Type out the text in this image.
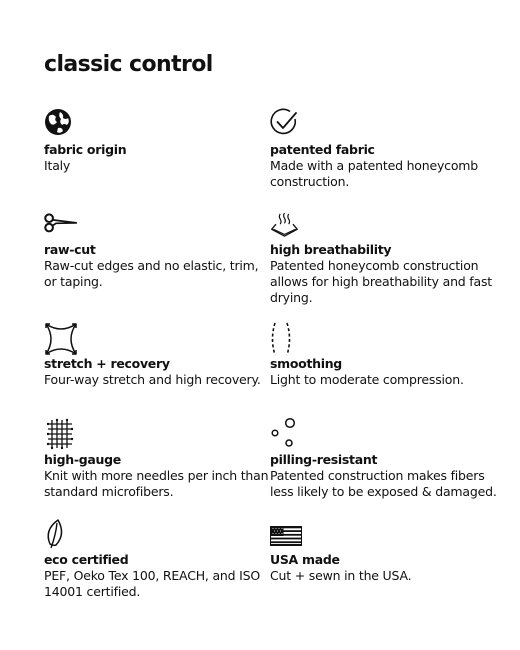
classic control
fabric origin
Italy
patented fabric
Made with a patented honeycomb construction.
raw-cut
Raw-cut edges and no elastic, trim, or taping.
high breathability
Patented honeycomb construction allows for high breathability and fast drying.
stretch + recovery
Four-way stretch and high recovery.
smoothing
Light to moderate compression.
high-gauge
Knit with more needles per inch than standard microfibers.
pilling-resistant
Patented construction makes fibers less likely to be exposed & damaged.
eco certified
PEF, Oeko Tex 100, REACH, and ISO 14001 certified.
USA made
Cut + sewn in the USA.
